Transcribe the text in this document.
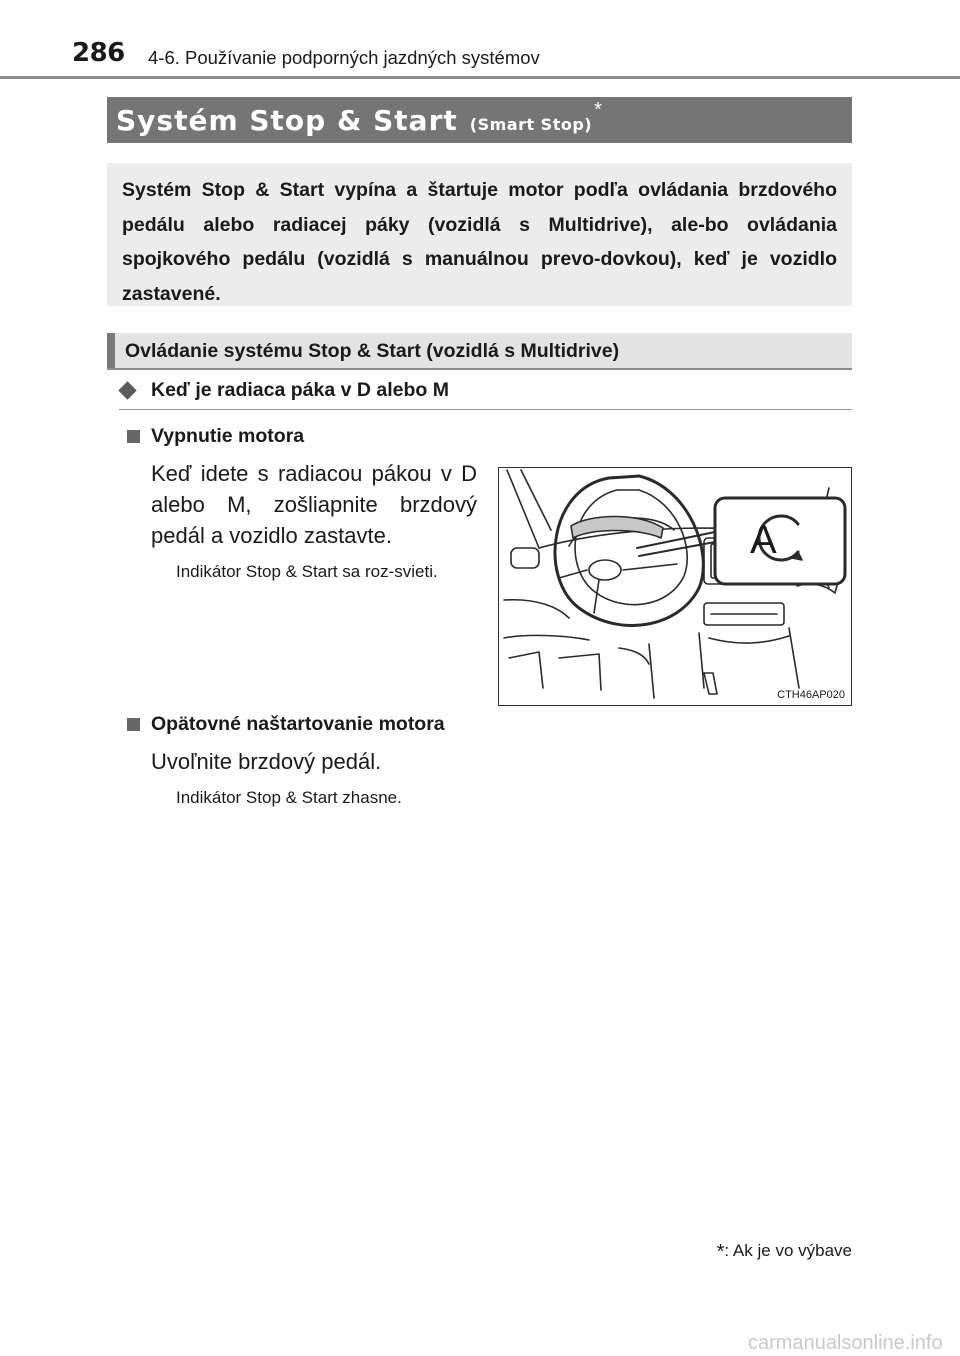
286 4-6. Používanie podporných jazdných systémov
Systém Stop & Start (Smart Stop)
*

Systém Stop & Start vypína a štartuje motor podľa ovládania brzdového pedálu alebo radiacej páky (vozidlá s Multidrive), ale-bo ovládania spojkového pedálu (vozidlá s manuálnou prevo-dovkou), keď je vozidlo zastavené.

Ovládanie systému Stop & Start (vozidlá s Multidrive)
Keď je radiaca páka v D alebo M
Vypnutie motora

Keď idete s radiacou pákou v D alebo M, zošliapnite brzdový pedál a vozidlo zastavte.

Indikátor Stop & Start sa roz-svieti.

A
CTH46AP020
Opätovné naštartovanie motora

Uvoľnite brzdový pedál.

Indikátor Stop & Start zhasne.

*: Ak je vo výbave
carmanualsonline.info
